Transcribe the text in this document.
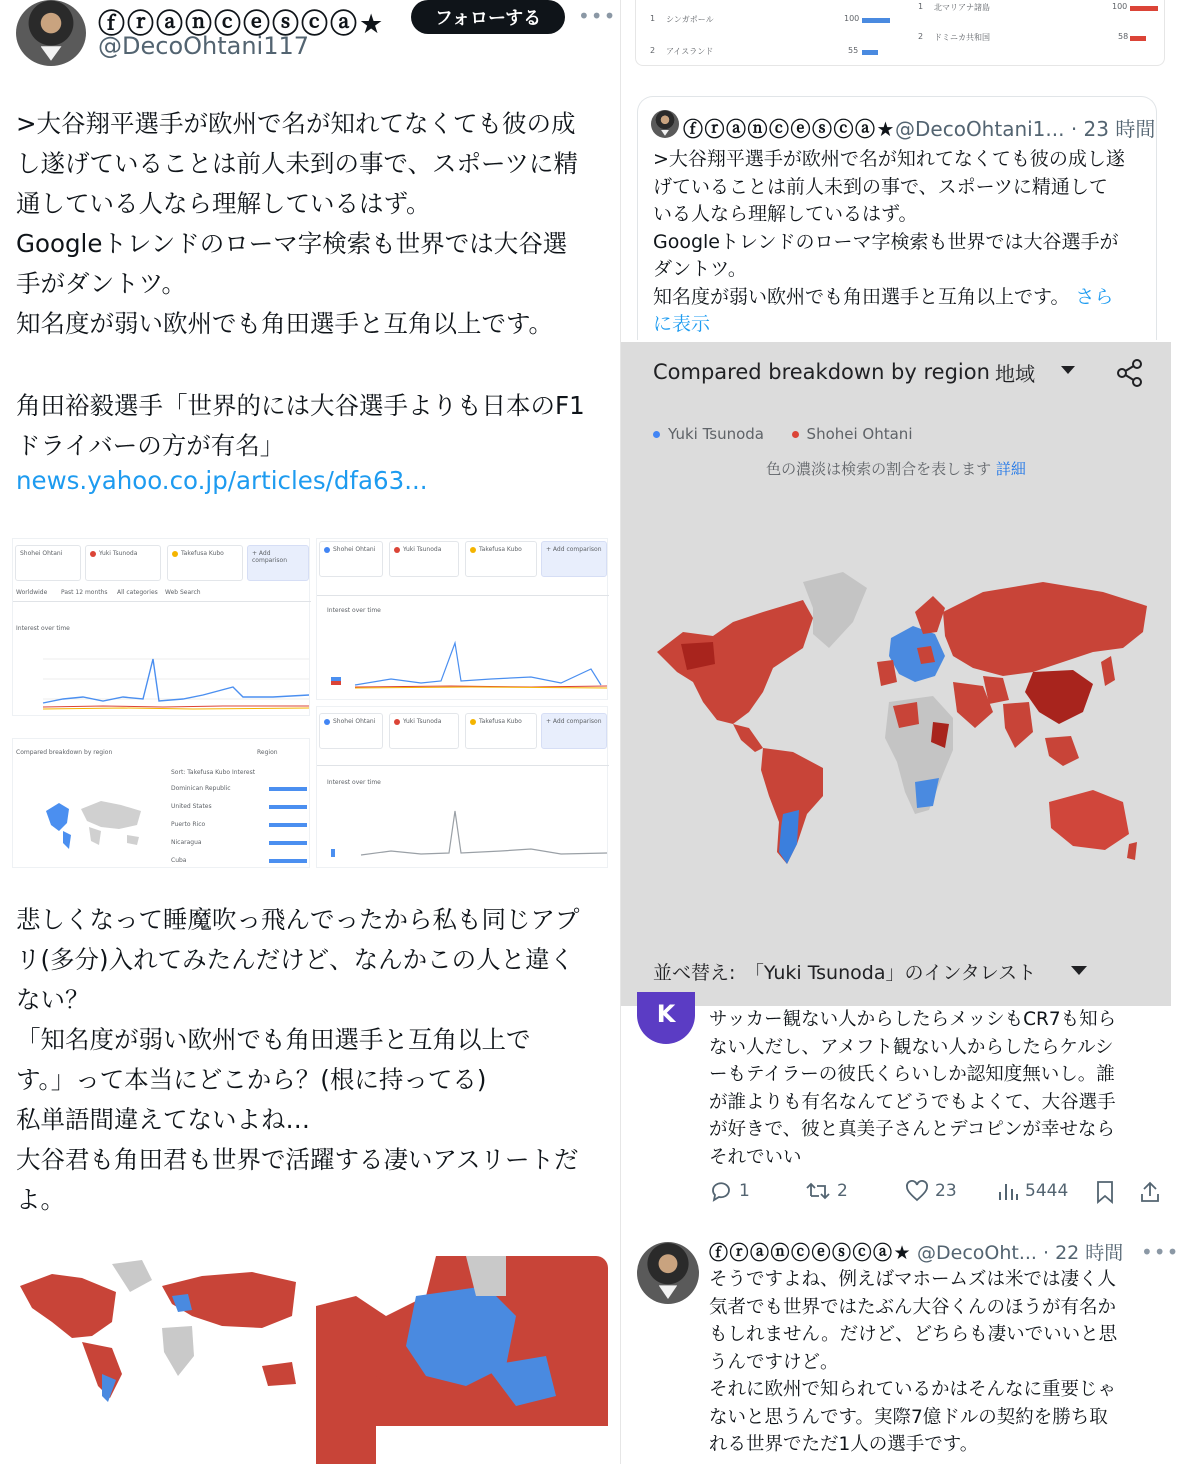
ⓕⓡⓐⓝⓒⓔⓢⓒⓐ★
@DecoOhtani117
フォローする	•••
>大谷翔平選手が欧州で名が知れてなくても彼の成
し遂げていることは前人未到の事で、スポーツに精
通している人なら理解しているはず。
Googleトレンドのローマ字検索も世界では大谷選
手がダントツ。
知名度が弱い欧州でも角田選手と互角以上です。
角田裕毅選手「世界的には大谷選手よりも日本のF1
ドライバーの方が有名」
news.yahoo.co.jp/articles/dfa63...
Shohei Ohtani	Yuki Tsunoda	Takefusa Kubo	+ Add comparison
Worldwide Past 12 months All categories Web Search
Interest over time
Compared breakdown by region	Region
Sort: Takefusa Kubo Interest
Dominican Republic
United States
Puerto Rico
Nicaragua
Cuba
Shohei Ohtani	Yuki Tsunoda	Takefusa Kubo	+ Add comparison
Interest over time
Shohei Ohtani	Yuki Tsunoda	Takefusa Kubo	+ Add comparison
Interest over time
悲しくなって睡魔吹っ飛んでったから私も同じアプ
リ(多分)入れてみたんだけど、なんかこの人と違く
ない？
「知名度が弱い欧州でも角田選手と互角以上で
す。」って本当にどこから？(根に持ってる)
私単語間違えてないよね…
大谷君も角田君も世界で活躍する凄いアスリートだ
よ。
1 シンガポール	100
2 アイスランド	55
1 北マリアナ諸島	100
2 ドミニカ共和国	58
ⓕⓡⓐⓝⓒⓔⓢⓒⓐ★ @DecoOhtani1... · 23 時間
>大谷翔平選手が欧州で名が知れてなくても彼の成し遂
げていることは前人未到の事で、スポーツに精通して
いる人なら理解しているはず。
Googleトレンドのローマ字検索も世界では大谷選手が
ダントツ。
知名度が弱い欧州でも角田選手と互角以上です。 さら
に表示
Compared breakdown by region 地域
Yuki Tsunoda	Shohei Ohtani
色の濃淡は検索の割合を表します 詳細
並べ替え:　「Yuki Tsunoda」のインタレスト
K	サッカー観ない人からしたらメッシもCR7も知ら
ない人だし、アメフト観ない人からしたらケルシ
ーもテイラーの彼氏くらいしか認知度無いし。誰
が誰よりも有名なんてどうでもよくて、大谷選手
が好きで、彼と真美子さんとデコピンが幸せなら
それでいい
1	2	23	5444
ⓕⓡⓐⓝⓒⓔⓢⓒⓐ★ @DecoOht... · 22 時間 •••
そうですよね、例えばマホームズは米では凄く人
気者でも世界ではたぶん大谷くんのほうが有名か
もしれません。だけど、どちらも凄いでいいと思
うんですけど。
それに欧州で知られているかはそんなに重要じゃ
ないと思うんです。実際7億ドルの契約を勝ち取
れる世界でただ1人の選手です。
